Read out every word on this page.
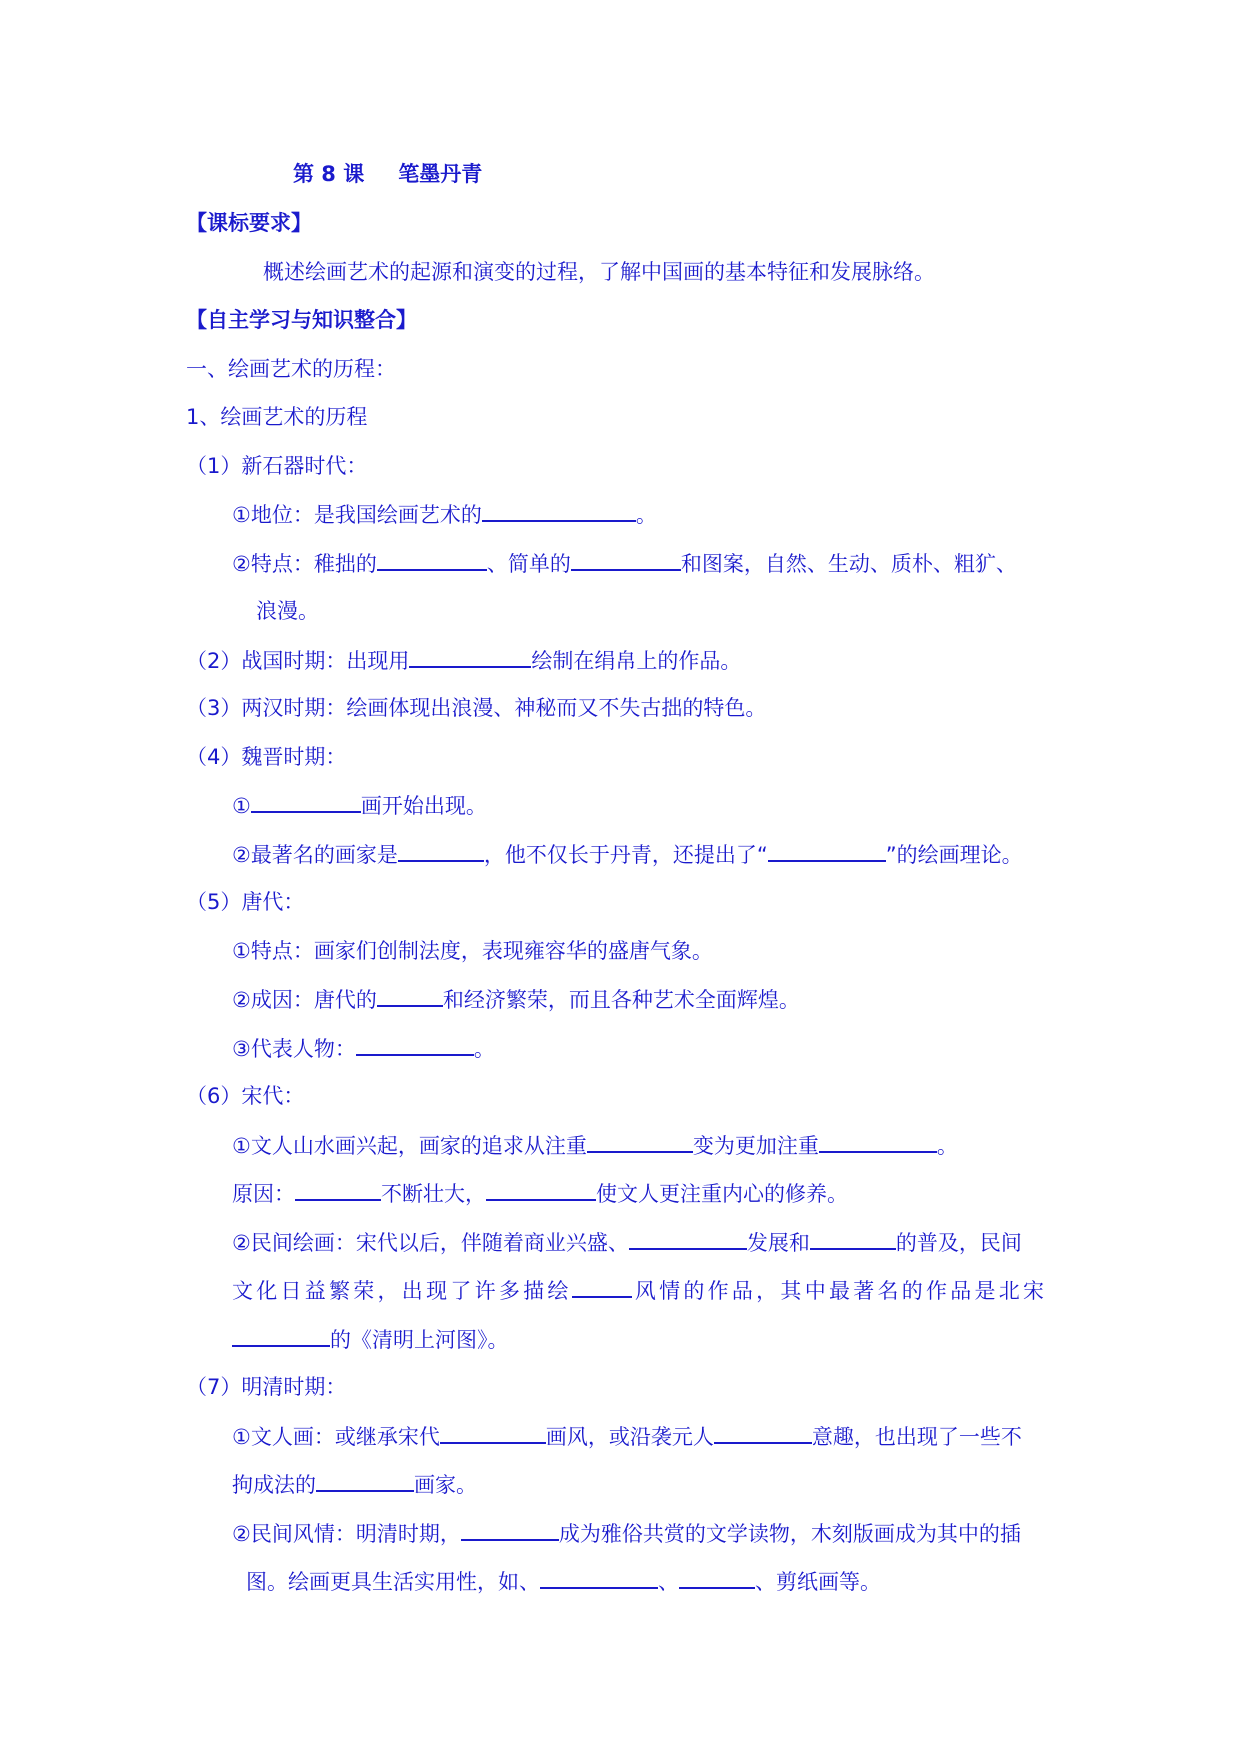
第 8 课 笔墨丹青
【课标要求】
概述绘画艺术的起源和演变的过程，了解中国画的基本特征和发展脉络。
【自主学习与知识整合】
一、绘画艺术的历程：
1、绘画艺术的历程
（1）新石器时代：
①地位：是我国绘画艺术的	。
②特点：稚拙的	、简单的	和图案，自然、生动、质朴、粗犷、
浪漫。
（2）战国时期：出现用	绘制在绢帛上的作品。
（3）两汉时期：绘画体现出浪漫、神秘而又不失古拙的特色。
（4）魏晋时期：
①	画开始出现。
②最著名的画家是	，他不仅长于丹青，还提出了“	”的绘画理论。
（5）唐代：
①特点：画家们创制法度，表现雍容华的盛唐气象。
②成因：唐代的	和经济繁荣，而且各种艺术全面辉煌。
③代表人物：	。
（6）宋代：
①文人山水画兴起，画家的追求从注重	变为更加注重	。
原因：	不断壮大，	使文人更注重内心的修养。
②民间绘画：宋代以后，伴随着商业兴盛、	发展和	的普及，民间
文化日益繁荣，出现了许多描绘	风情的作品，其中最著名的作品是北宋
的《清明上河图》。
（7）明清时期：
①文人画：或继承宋代	画风，或沿袭元人	意趣，也出现了一些不
拘成法的	画家。
②民间风情：明清时期，	成为雅俗共赏的文学读物，木刻版画成为其中的插
图。绘画更具生活实用性，如、	、	、剪纸画等。
